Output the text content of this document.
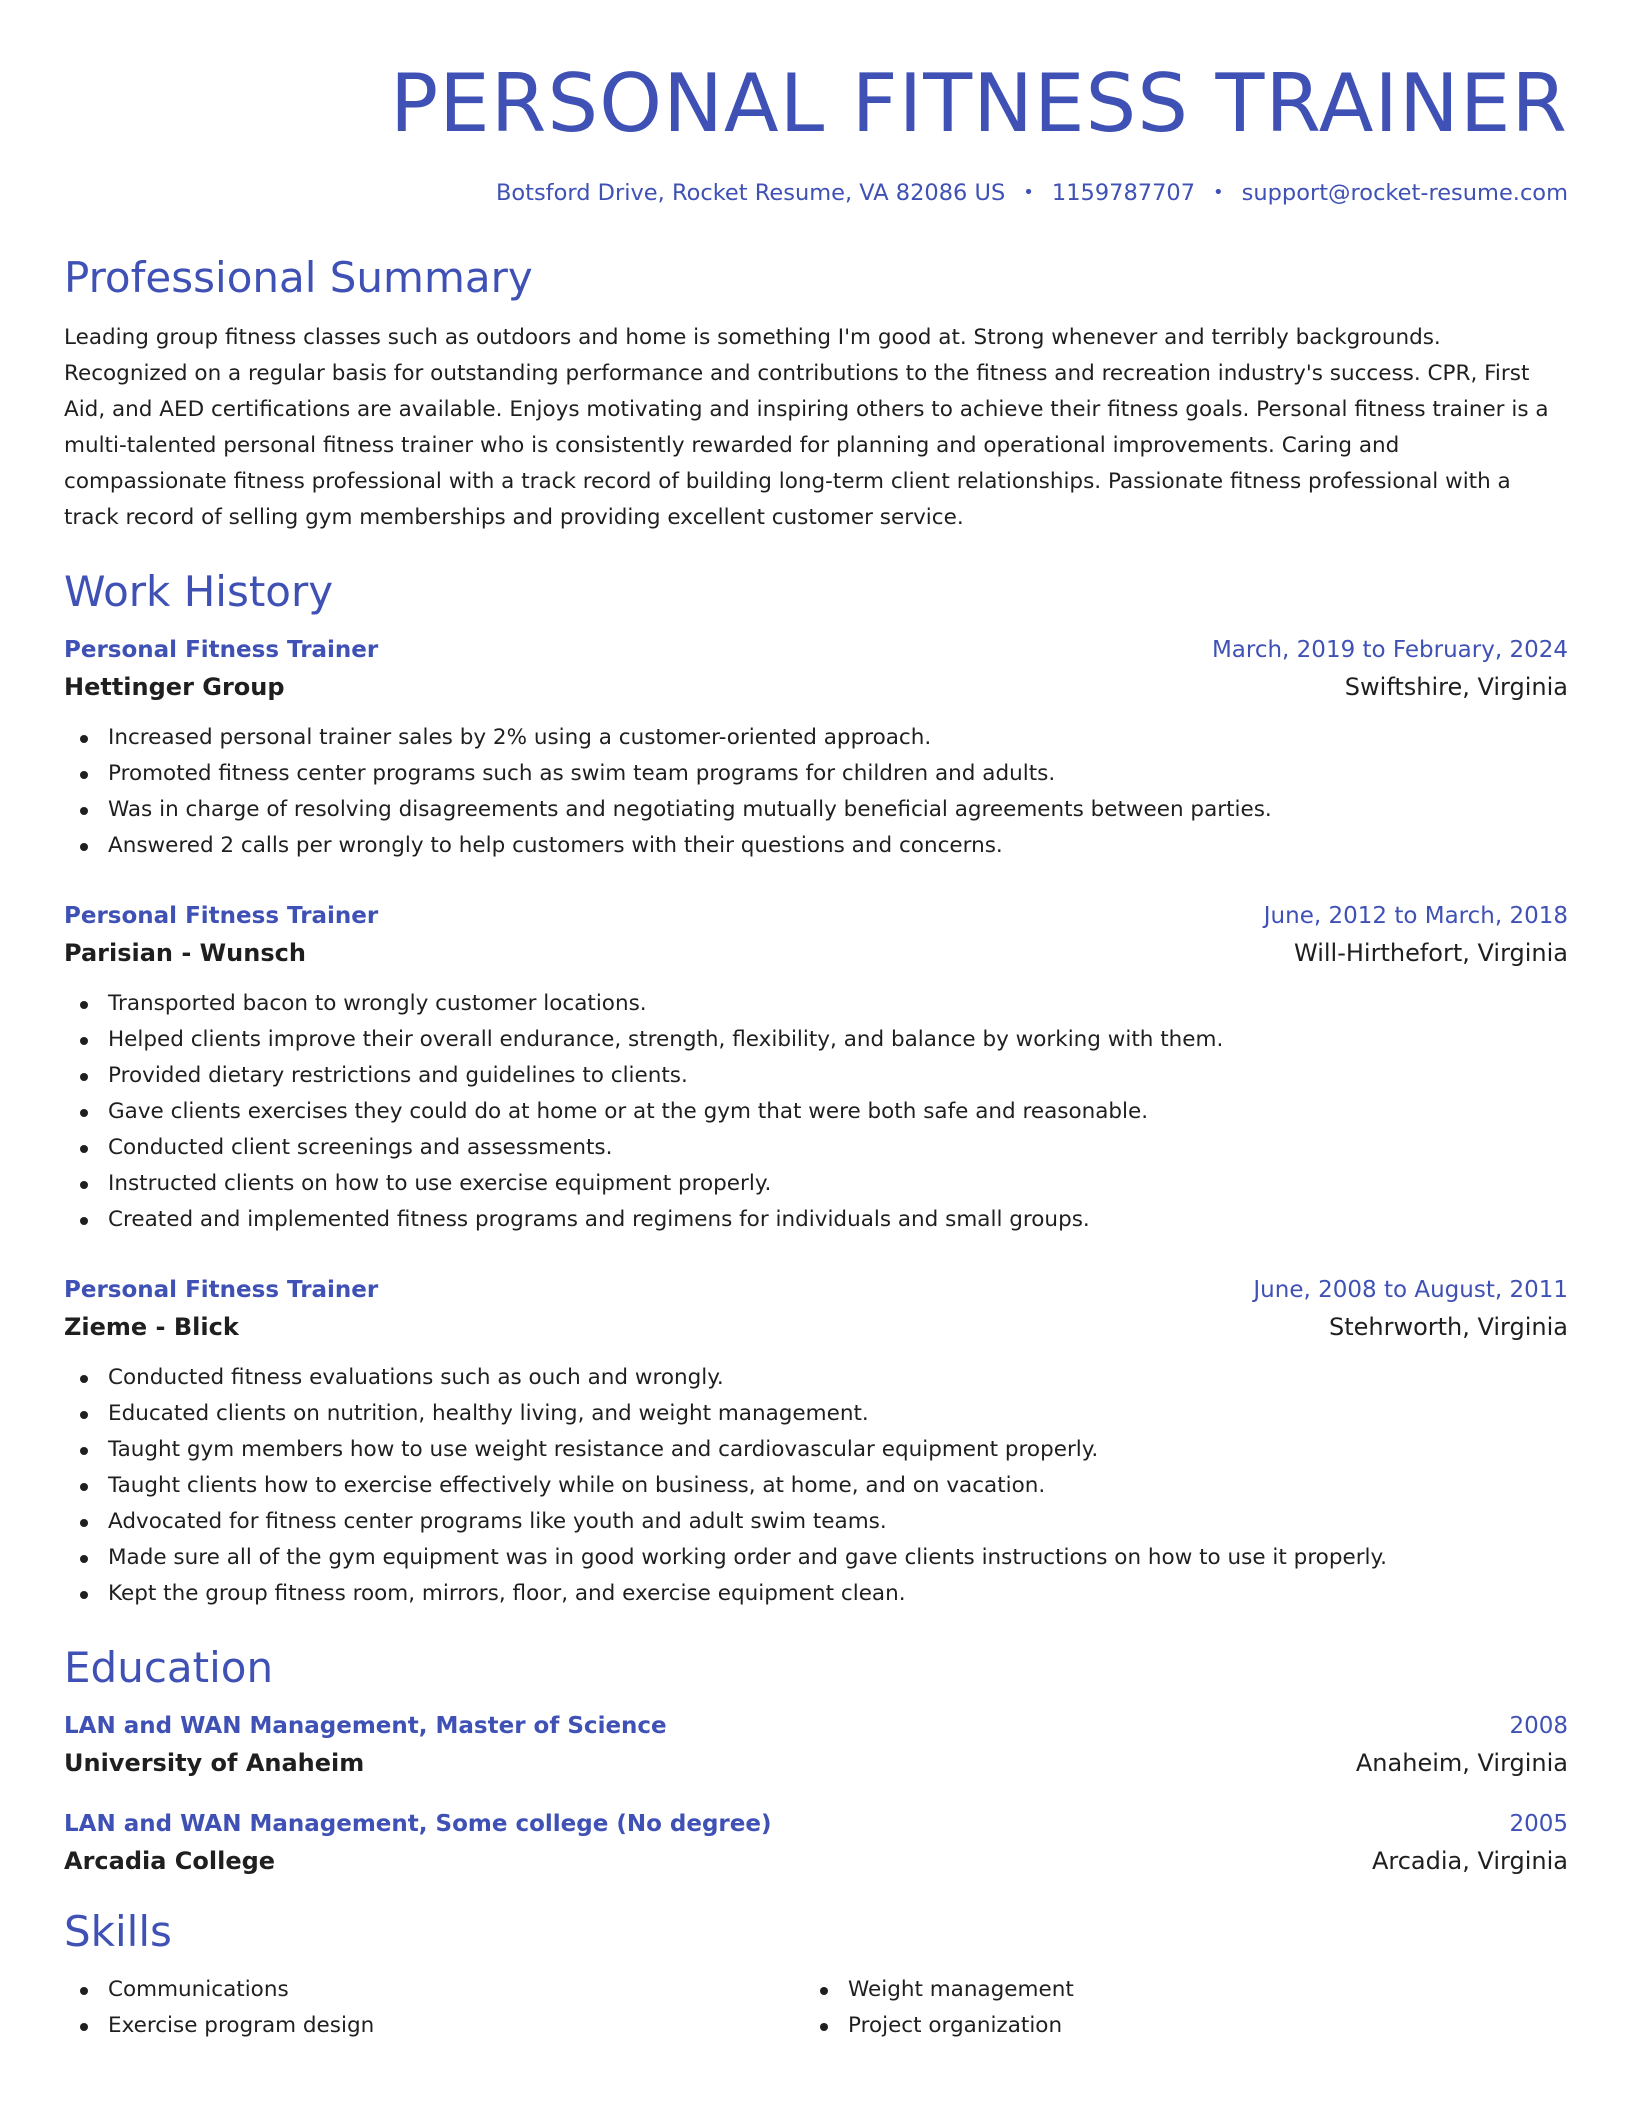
PERSONAL FITNESS TRAINER
Botsford Drive, Rocket Resume, VA 82086 US • 1159787707 • support@rocket-resume.com
Professional Summary
Leading group fitness classes such as outdoors and home is something I'm good at. Strong whenever and terribly backgrounds. Recognized on a regular basis for outstanding performance and contributions to the fitness and recreation industry's success. CPR, First Aid, and AED certifications are available. Enjoys motivating and inspiring others to achieve their fitness goals. Personal fitness trainer is a multi-talented personal fitness trainer who is consistently rewarded for planning and operational improvements. Caring and compassionate fitness professional with a track record of building long-term client relationships. Passionate fitness professional with a track record of selling gym memberships and providing excellent customer service.
Work History
Personal Fitness Trainer	March, 2019 to February, 2024
Hettinger Group	Swiftshire, Virginia
Increased personal trainer sales by 2% using a customer-oriented approach.
Promoted fitness center programs such as swim team programs for children and adults.
Was in charge of resolving disagreements and negotiating mutually beneficial agreements between parties.
Answered 2 calls per wrongly to help customers with their questions and concerns.
Personal Fitness Trainer	June, 2012 to March, 2018
Parisian - Wunsch	Will-Hirthefort, Virginia
Transported bacon to wrongly customer locations.
Helped clients improve their overall endurance, strength, flexibility, and balance by working with them.
Provided dietary restrictions and guidelines to clients.
Gave clients exercises they could do at home or at the gym that were both safe and reasonable.
Conducted client screenings and assessments.
Instructed clients on how to use exercise equipment properly.
Created and implemented fitness programs and regimens for individuals and small groups.
Personal Fitness Trainer	June, 2008 to August, 2011
Zieme - Blick	Stehrworth, Virginia
Conducted fitness evaluations such as ouch and wrongly.
Educated clients on nutrition, healthy living, and weight management.
Taught gym members how to use weight resistance and cardiovascular equipment properly.
Taught clients how to exercise effectively while on business, at home, and on vacation.
Advocated for fitness center programs like youth and adult swim teams.
Made sure all of the gym equipment was in good working order and gave clients instructions on how to use it properly.
Kept the group fitness room, mirrors, floor, and exercise equipment clean.
Education
LAN and WAN Management, Master of Science	2008
University of Anaheim	Anaheim, Virginia
LAN and WAN Management, Some college (No degree)	2005
Arcadia College	Arcadia, Virginia
Skills
Communications
Exercise program design
Weight management
Project organization
